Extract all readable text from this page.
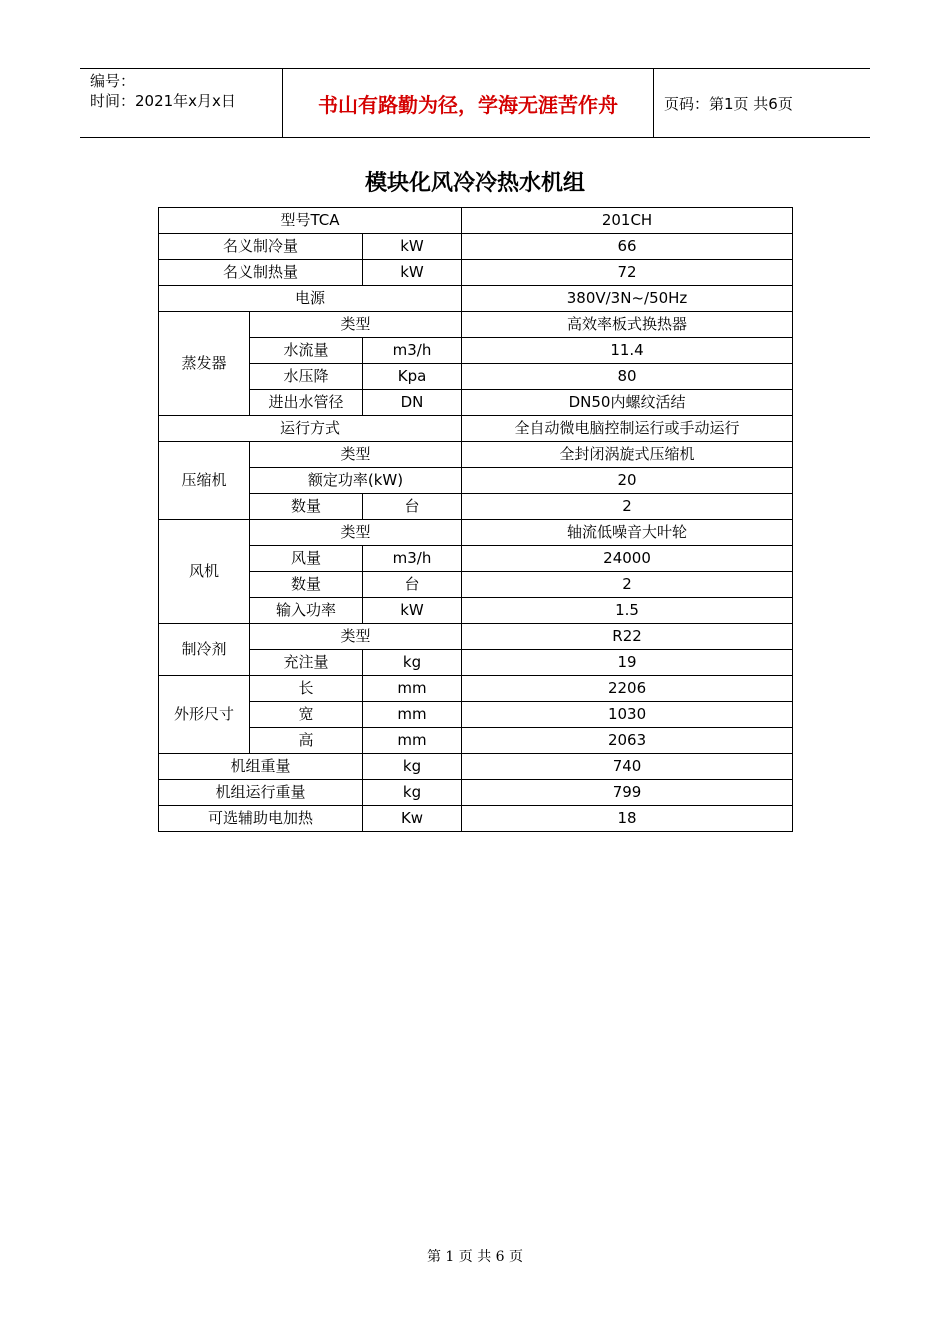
编号：
时间：2021年x月x日	书山有路勤为径，学海无涯苦作舟	页码：第1页 共6页
模块化风冷冷热水机组
型号TCA			201CH
名义制冷量		kW	66
名义制热量		kW	72
电源			380V/3N~/50Hz
蒸发器	类型		高效率板式换热器
	水流量	m3/h	11.4
	水压降	Kpa	80
	进出水管径	DN	DN50内螺纹活结
运行方式			全自动微电脑控制运行或手动运行
压缩机	类型		全封闭涡旋式压缩机
	额定功率(kW)		20
	数量	台	2
风机	类型		轴流低噪音大叶轮
	风量	m3/h	24000
	数量	台	2
	输入功率	kW	1.5
制冷剂	类型		R22
	充注量	kg	19
外形尺寸	长	mm	2206
	宽	mm	1030
	高	mm	2063
机组重量		kg	740
机组运行重量		kg	799
可选辅助电加热		Kw	18
第 1 页 共 6 页
